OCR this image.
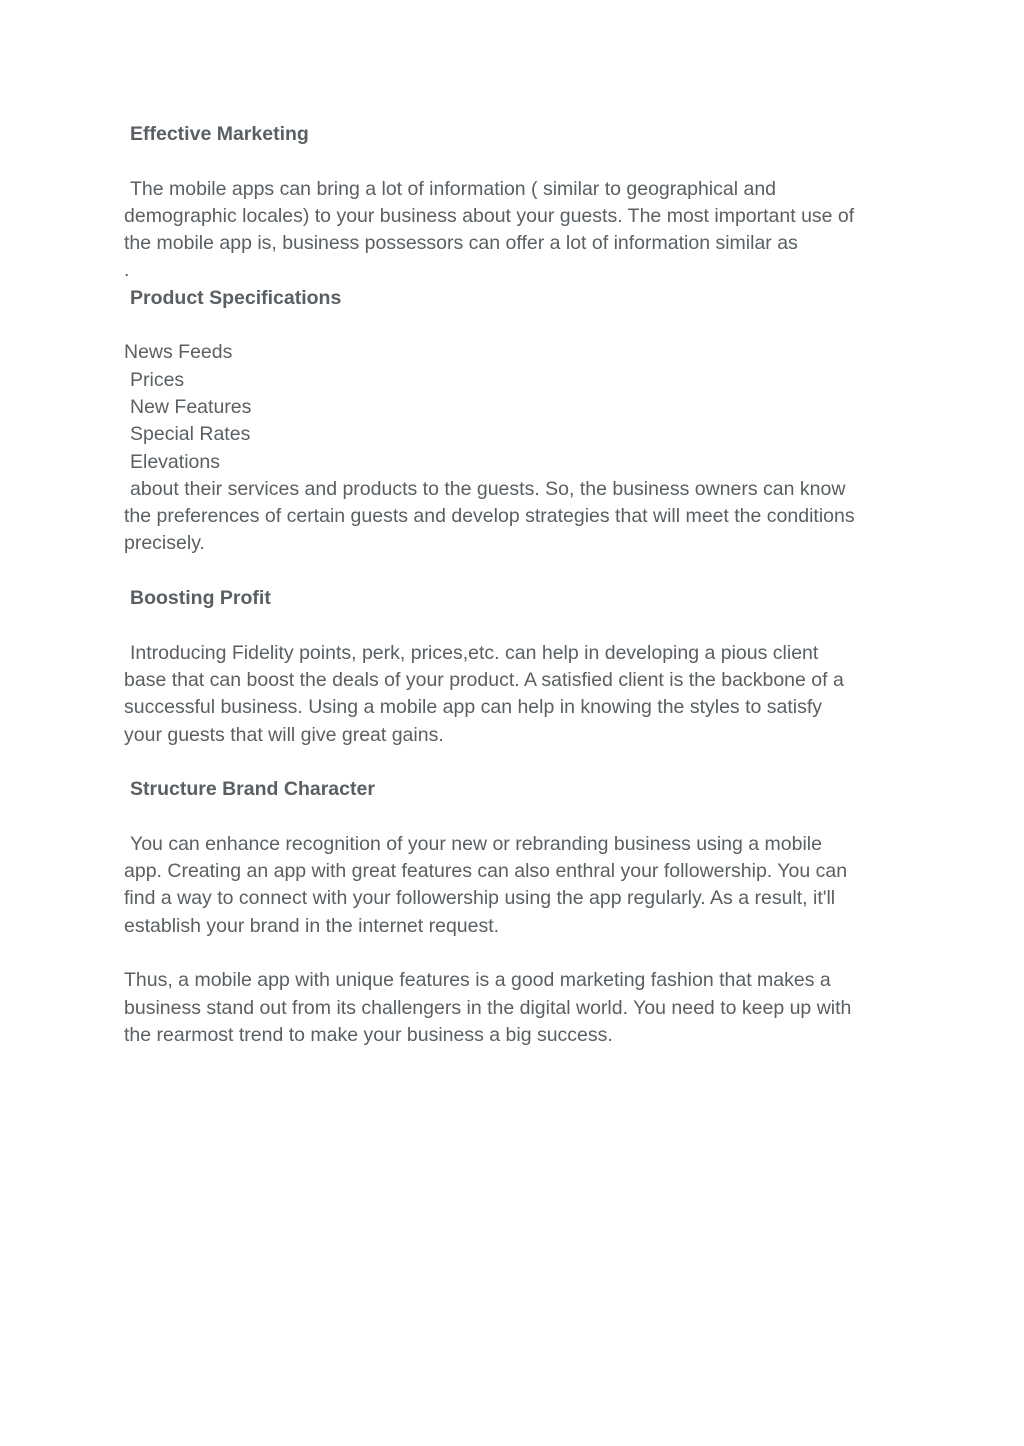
Effective Marketing
The mobile apps can bring a lot of information ( similar to geographical and
demographic locales) to your business about your guests. The most important use of
the mobile app is, business possessors can offer a lot of information similar as
.
Product Specifications
News Feeds
Prices
New Features
Special Rates
Elevations
about their services and products to the guests. So, the business owners can know
the preferences of certain guests and develop strategies that will meet the conditions
precisely.
Boosting Profit
Introducing Fidelity points, perk, prices,etc. can help in developing a pious client
base that can boost the deals of your product. A satisfied client is the backbone of a
successful business. Using a mobile app can help in knowing the styles to satisfy
your guests that will give great gains.
Structure Brand Character
You can enhance recognition of your new or rebranding business using a mobile
app. Creating an app with great features can also enthral your followership. You can
find a way to connect with your followership using the app regularly. As a result, it'll
establish your brand in the internet request.
Thus, a mobile app with unique features is a good marketing fashion that makes a
business stand out from its challengers in the digital world. You need to keep up with
the rearmost trend to make your business a big success.
